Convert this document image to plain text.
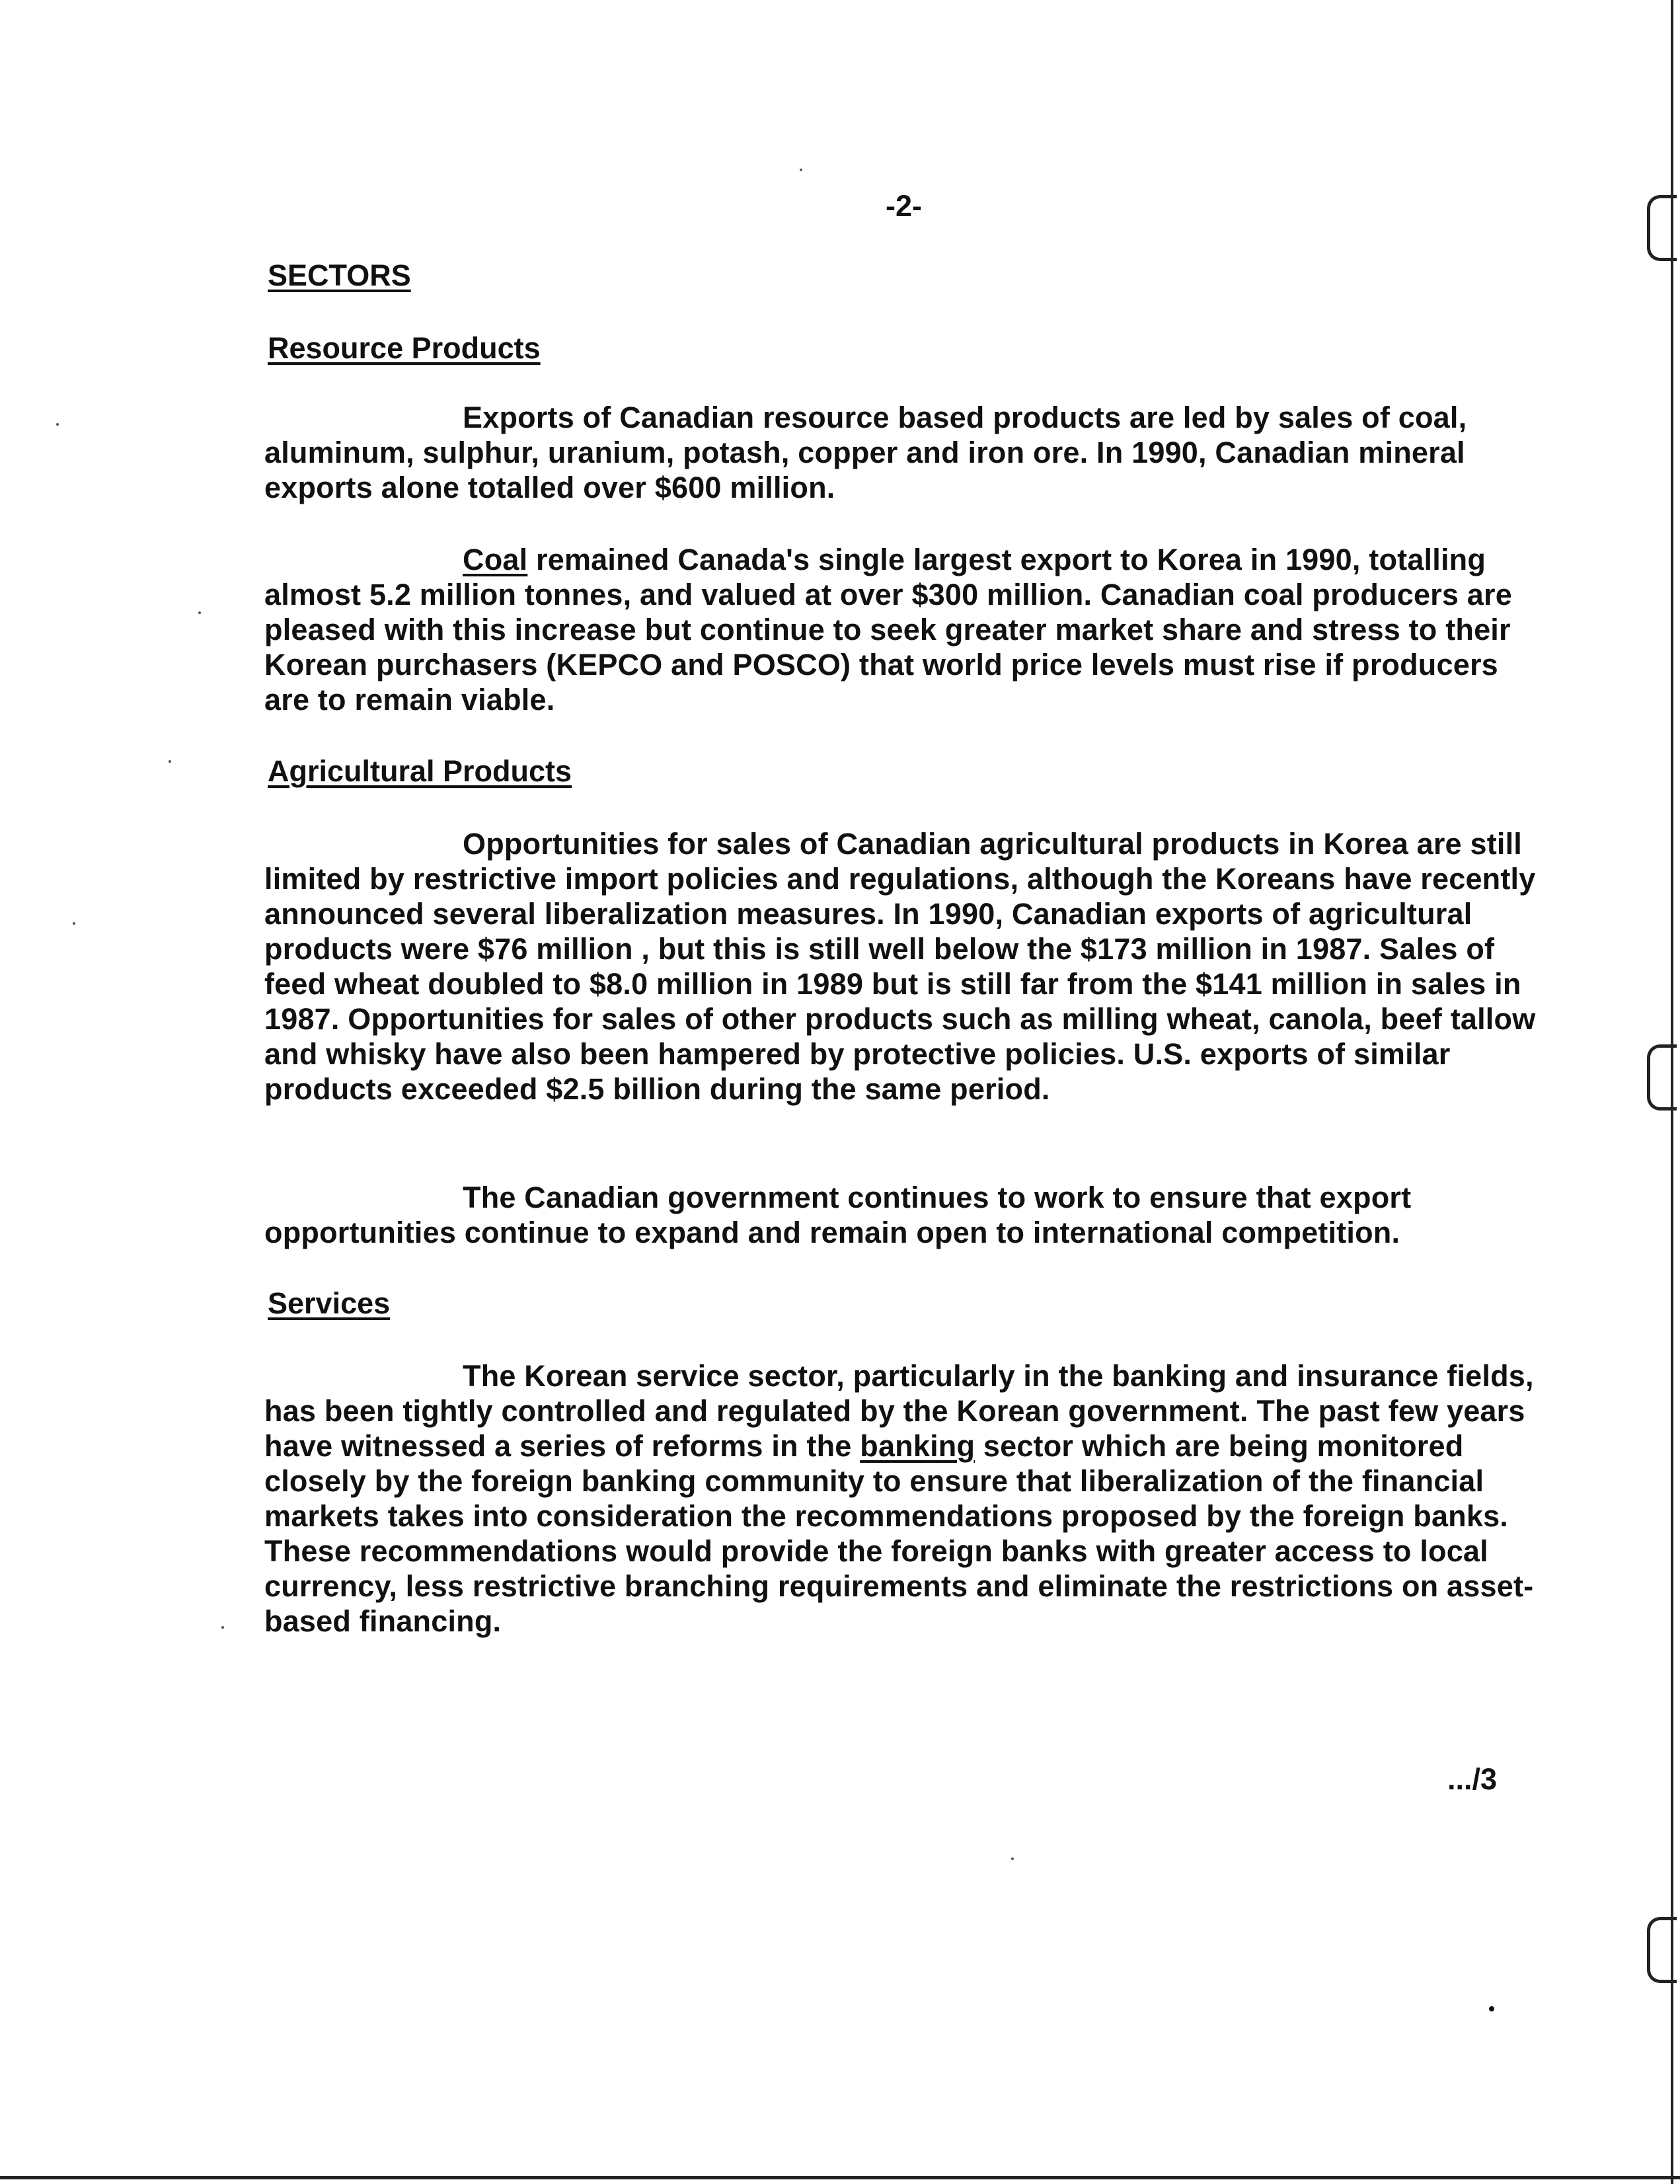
-2-
SECTORS
Resource Products

Exports of Canadian resource based products are led by sales of coal, aluminum, sulphur, uranium, potash, copper and iron ore. In 1990, Canadian mineral exports alone totalled over $600 million.

Coal remained Canada's single largest export to Korea in 1990, totalling almost 5.2 million tonnes, and valued at over $300 million. Canadian coal producers are pleased with this increase but continue to seek greater market share and stress to their Korean purchasers (KEPCO and POSCO) that world price levels must rise if producers are to remain viable.

Agricultural Products

Opportunities for sales of Canadian agricultural products in Korea are still limited by restrictive import policies and regulations, although the Koreans have recently announced several liberalization measures. In 1990, Canadian exports of agricultural products were $76 million , but this is still well below the $173 million in 1987. Sales of feed wheat doubled to $8.0 million in 1989 but is still far from the $141 million in sales in 1987. Opportunities for sales of other products such as milling wheat, canola, beef tallow and whisky have also been hampered by protective policies. U.S. exports of similar products exceeded $2.5 billion during the same period.

The Canadian government continues to work to ensure that export opportunities continue to expand and remain open to international competition.

Services

The Korean service sector, particularly in the banking and insurance fields, has been tightly controlled and regulated by the Korean government. The past few years have witnessed a series of reforms in the banking sector which are being monitored closely by the foreign banking community to ensure that liberalization of the financial markets takes into consideration the recommendations proposed by the foreign banks. These recommendations would provide the foreign banks with greater access to local currency, less restrictive branching requirements and eliminate the restrictions on asset-based financing.

.../3
